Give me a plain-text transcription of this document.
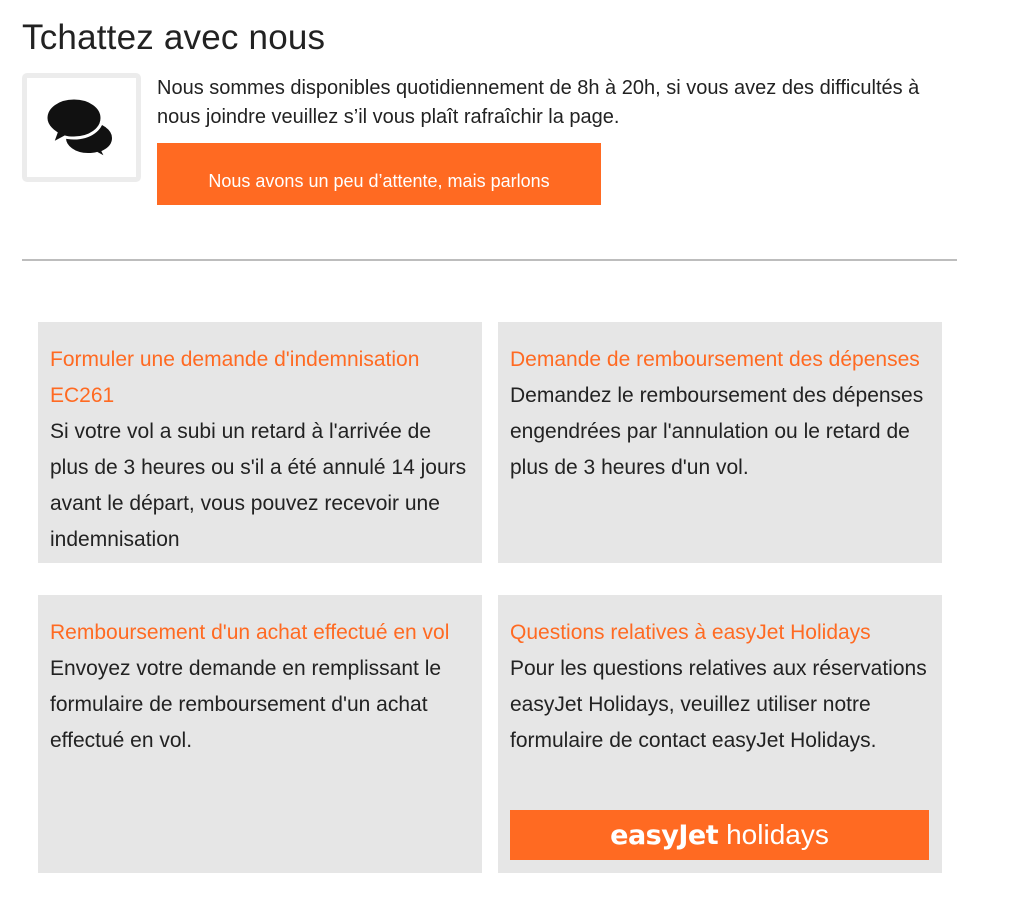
Tchattez avec nous

Nous sommes disponibles quotidiennement de 8h à 20h, si vous avez des difficultés à nous joindre veuillez s’il vous plaît rafraîchir la page.

Nous avons un peu d’attente, mais parlons
Formuler une demande d'indemnisation EC261
Si votre vol a subi un retard à l'arrivée de plus de 3 heures ou s'il a été annulé 14 jours avant le départ, vous pouvez recevoir une indemnisation
Demande de remboursement des dépenses
Demandez le remboursement des dépenses engendrées par l'annulation ou le retard de plus de 3 heures d'un vol.
Remboursement d'un achat effectué en vol
Envoyez votre demande en remplissant le formulaire de remboursement d'un achat effectué en vol.
Questions relatives à easyJet Holidays
Pour les questions relatives aux réservations easyJet Holidays, veuillez utiliser notre formulaire de contact easyJet Holidays.
easyJet holidays
